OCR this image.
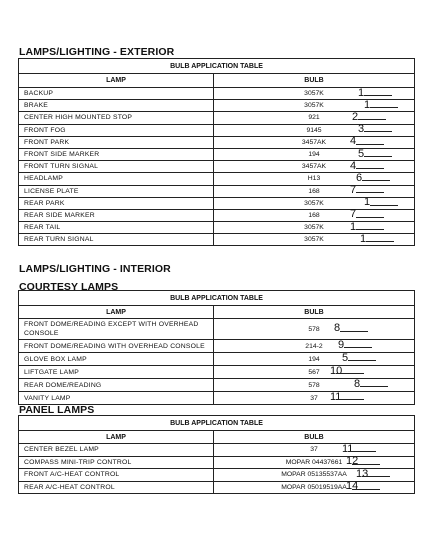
LAMPS/LIGHTING - EXTERIOR
LAMPS/LIGHTING - INTERIOR
COURTESY LAMPS
PANEL LAMPS
BULB APPLICATION TABLE	
LAMP	BULB
BACKUP	3057K 1

BRAKE	3057K 1

CENTER HIGH MOUNTED STOP	921 2

FRONT FOG	9145 3

FRONT PARK	3457AK 4

FRONT SIDE MARKER	194 5

FRONT TURN SIGNAL	3457AK 4

HEADLAMP	H13 6

LICENSE PLATE	168 7

REAR PARK	3057K 1

REAR SIDE MARKER	168 7

REAR TAIL	3057K 1

REAR TURN SIGNAL	3057K 1
BULB APPLICATION TABLE	
LAMP	BULB
FRONT DOME/READING EXCEPT WITH OVERHEAD CONSOLE	578 8

FRONT DOME/READING WITH OVERHEAD CONSOLE	214-2 9

GLOVE BOX LAMP	194 5

LIFTGATE LAMP	567 10

REAR DOME/READING	578 8

VANITY LAMP	37 11
BULB APPLICATION TABLE	
LAMP	BULB
CENTER BEZEL LAMP	37 11

COMPASS MINI-TRIP CONTROL	MOPAR 04437661 12

FRONT A/C-HEAT CONTROL	MOPAR 05135537AA 13

REAR A/C-HEAT CONTROL	MOPAR 05019519AA 14
